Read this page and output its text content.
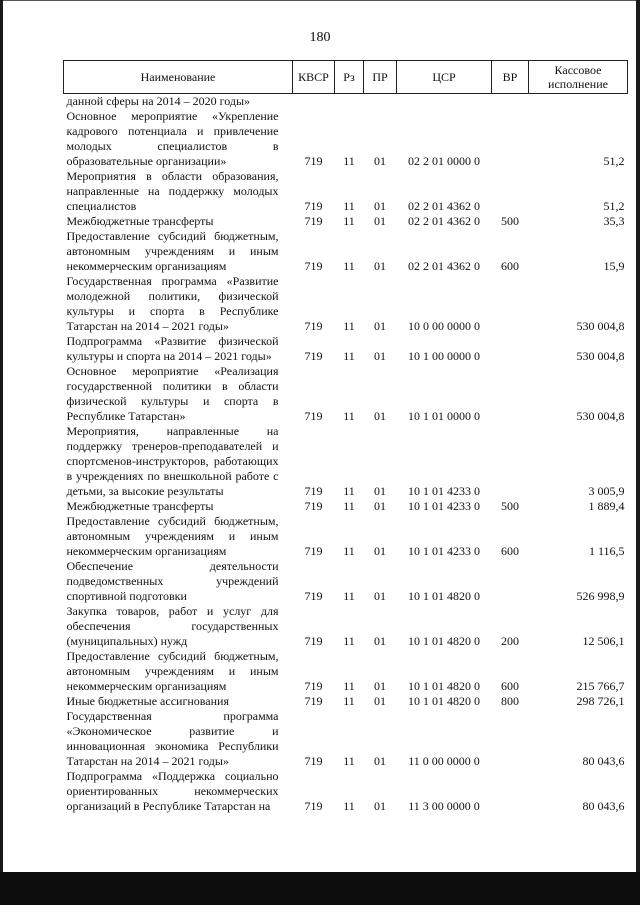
180
Наименование	КВСР	Рз	ПР	ЦСР	ВР	Кассовое исполнение
данной сферы на 2014 – 2020 годы»						
Основное мероприятие «Укрепление кадрового потенциала и привлечение молодых специалистов в образовательные организации»	719	11	01	02 2 01 0000 0		51,2
Мероприятия в области образования, направленные на поддержку молодых специалистов	719	11	01	02 2 01 4362 0		51,2
Межбюджетные трансферты	719	11	01	02 2 01 4362 0	500	35,3
Предоставление субсидий бюджетным, автономным учреждениям и иным некоммерческим организациям	719	11	01	02 2 01 4362 0	600	15,9
Государственная программа «Развитие молодежной политики, физической культуры и спорта в Республике Татарстан на 2014 – 2021 годы»	719	11	01	10 0 00 0000 0		530 004,8
Подпрограмма «Развитие физической культуры и спорта на 2014 – 2021 годы»	719	11	01	10 1 00 0000 0		530 004,8
Основное мероприятие «Реализация государственной политики в области физической культуры и спорта в Республике Татарстан»	719	11	01	10 1 01 0000 0		530 004,8
Мероприятия, направленные на поддержку тренеров-преподавателей и спортсменов-инструкторов, работающих в учреждениях по внешкольной работе с детьми, за высокие результаты	719	11	01	10 1 01 4233 0		3 005,9
Межбюджетные трансферты	719	11	01	10 1 01 4233 0	500	1 889,4
Предоставление субсидий бюджетным, автономным учреждениям и иным некоммерческим организациям	719	11	01	10 1 01 4233 0	600	1 116,5
Обеспечение деятельности подведомственных учреждений спортивной подготовки	719	11	01	10 1 01 4820 0		526 998,9
Закупка товаров, работ и услуг для обеспечения государственных (муниципальных) нужд	719	11	01	10 1 01 4820 0	200	12 506,1
Предоставление субсидий бюджетным, автономным учреждениям и иным некоммерческим организациям	719	11	01	10 1 01 4820 0	600	215 766,7
Иные бюджетные ассигнования	719	11	01	10 1 01 4820 0	800	298 726,1
Государственная программа «Экономическое развитие и инновационная экономика Республики Татарстан на 2014 – 2021 годы»	719	11	01	11 0 00 0000 0		80 043,6
Подпрограмма «Поддержка социально ориентированных некоммерческих организаций в Республике Татарстан на	719	11	01	11 3 00 0000 0		80 043,6
